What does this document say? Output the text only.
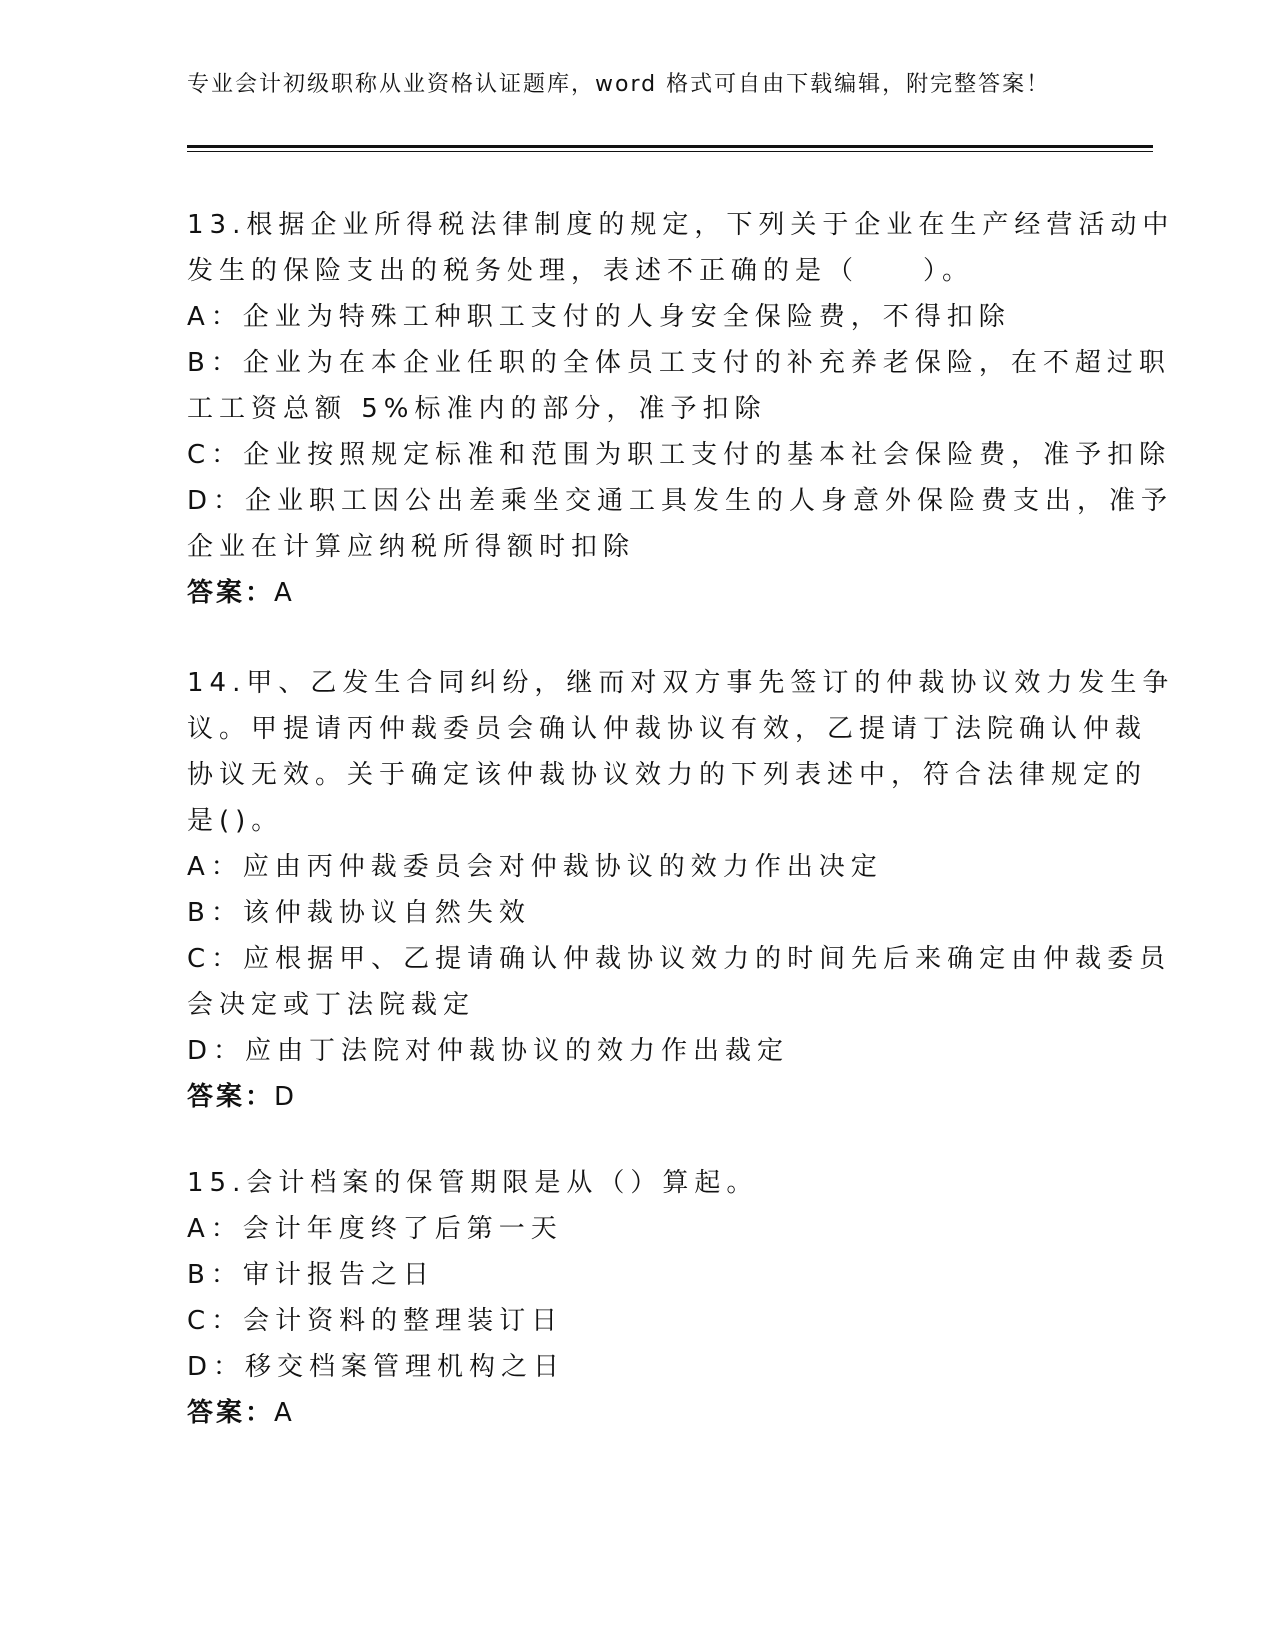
专业会计初级职称从业资格认证题库，word 格式可自由下载编辑，附完整答案！
13.根据企业所得税法律制度的规定，下列关于企业在生产经营活动中
发生的保险支出的税务处理，表述不正确的是（　　）。
A：企业为特殊工种职工支付的人身安全保险费，不得扣除
B：企业为在本企业任职的全体员工支付的补充养老保险，在不超过职
工工资总额 5%标准内的部分，准予扣除
C：企业按照规定标准和范围为职工支付的基本社会保险费，准予扣除
D：企业职工因公出差乘坐交通工具发生的人身意外保险费支出，准予
企业在计算应纳税所得额时扣除
答案：A
14.甲、乙发生合同纠纷，继而对双方事先签订的仲裁协议效力发生争
议。甲提请丙仲裁委员会确认仲裁协议有效，乙提请丁法院确认仲裁
协议无效。关于确定该仲裁协议效力的下列表述中，符合法律规定的
是()。
A：应由丙仲裁委员会对仲裁协议的效力作出决定
B：该仲裁协议自然失效
C：应根据甲、乙提请确认仲裁协议效力的时间先后来确定由仲裁委员
会决定或丁法院裁定
D：应由丁法院对仲裁协议的效力作出裁定
答案：D
15.会计档案的保管期限是从（）算起。
A：会计年度终了后第一天
B：审计报告之日
C：会计资料的整理装订日
D：移交档案管理机构之日
答案：A
